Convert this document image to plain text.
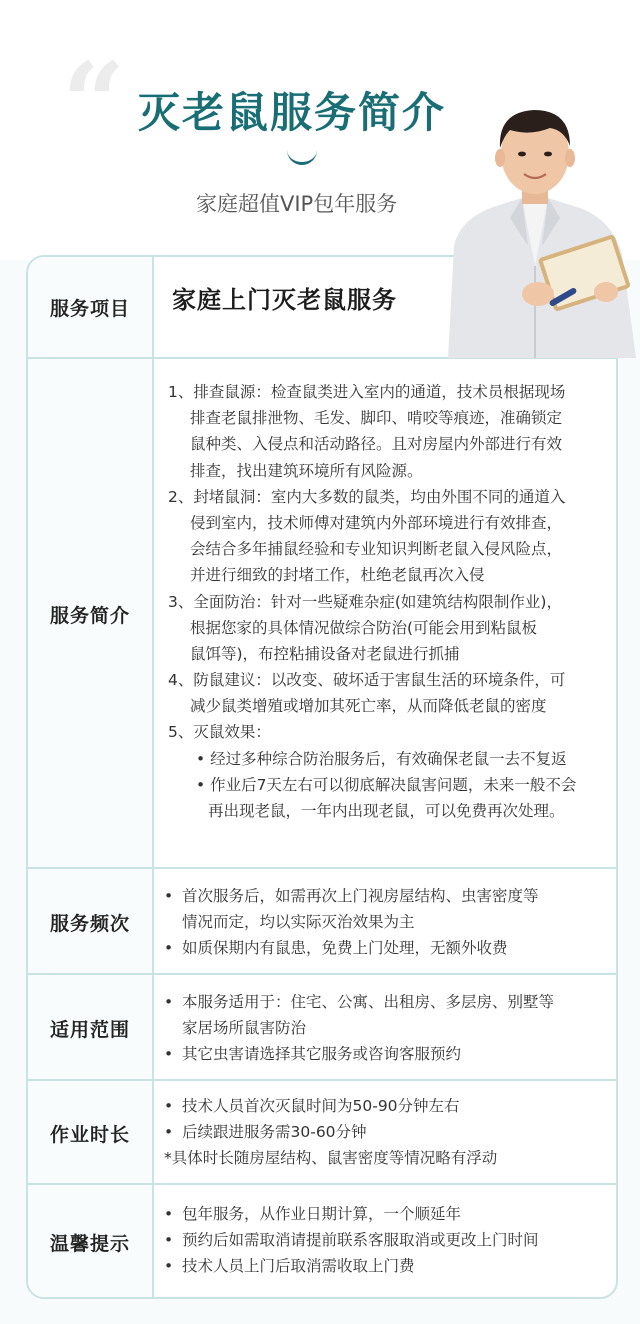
“ 灭老鼠服务简介
家庭超值VIP包年服务
服务项目	家庭上门灭老鼠服务
服务简介
1、排查鼠源：检查鼠类进入室内的通道，技术员根据现场
排查老鼠排泄物、毛发、脚印、啃咬等痕迹，准确锁定
鼠种类、入侵点和活动路径。且对房屋内外部进行有效
排查，找出建筑环境所有风险源。
2、封堵鼠洞：室内大多数的鼠类，均由外围不同的通道入
侵到室内，技术师傅对建筑内外部环境进行有效排查，
会结合多年捕鼠经验和专业知识判断老鼠入侵风险点，
并进行细致的封堵工作，杜绝老鼠再次入侵
3、全面防治：针对一些疑难杂症(如建筑结构限制作业)，
根据您家的具体情况做综合防治(可能会用到粘鼠板
鼠饵等)，布控粘捕设备对老鼠进行抓捕
4、防鼠建议：以改变、破坏适于害鼠生活的环境条件，可
减少鼠类增殖或增加其死亡率，从而降低老鼠的密度
5、灭鼠效果：
• 经过多种综合防治服务后，有效确保老鼠一去不复返
• 作业后7天左右可以彻底解决鼠害问题，未来一般不会
再出现老鼠，一年内出现老鼠，可以免费再次处理。
服务频次
• 首次服务后，如需再次上门视房屋结构、虫害密度等
情况而定，均以实际灭治效果为主
• 如质保期内有鼠患，免费上门处理，无额外收费
适用范围
• 本服务适用于：住宅、公寓、出租房、多层房、别墅等
家居场所鼠害防治
• 其它虫害请选择其它服务或咨询客服预约
作业时长
• 技术人员首次灭鼠时间为50-90分钟左右
• 后续跟进服务需30-60分钟
*具体时长随房屋结构、鼠害密度等情况略有浮动
温馨提示
• 包年服务，从作业日期计算，一个顺延年
• 预约后如需取消请提前联系客服取消或更改上门时间
• 技术人员上门后取消需收取上门费
